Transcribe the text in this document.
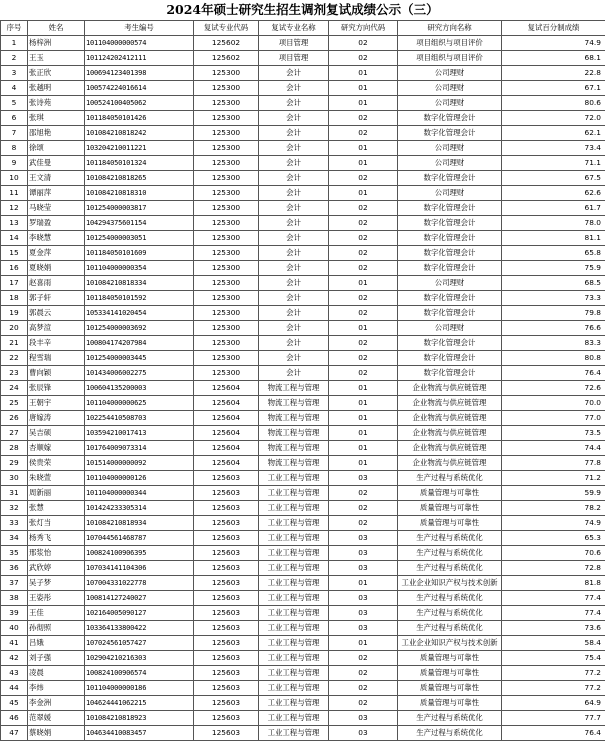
2024年硕士研究生招生调剂复试成绩公示（三）
序号	姓名	考生编号	复试专业代码	复试专业名称	研究方向代码	研究方向名称	复试百分制成绩
1	杨梓洲	101104000000574	125602	项目管理	02	项目组织与项目评价	74.9
2	王玉	101124202412111	125602	项目管理	02	项目组织与项目评价	68.1
3	张正欣	100694123401398	125300	会计	01	公司理财	22.8
4	张越明	100574224016614	125300	会计	01	公司理财	67.1
5	张诗苑	100524100405062	125300	会计	01	公司理财	80.6
6	张琪	101184050101426	125300	会计	02	数字化管理会计	72.0
7	邵旭艳	101084210818242	125300	会计	02	数字化管理会计	62.1
8	徐颂	103204210011221	125300	会计	01	公司理财	73.4
9	武佳曼	101184050101324	125300	会计	01	公司理财	71.1
10	王文清	101084210818265	125300	会计	02	数字化管理会计	67.5
11	谭丽萍	101084210818310	125300	会计	01	公司理财	62.6
12	马晓莹	101254000003817	125300	会计	02	数字化管理会计	61.7
13	罗瑞盈	104294375601154	125300	会计	02	数字化管理会计	78.0
14	李晓慧	101254000003051	125300	会计	02	数字化管理会计	81.1
15	夏金萍	101184050101609	125300	会计	02	数字化管理会计	65.8
16	夏晓娟	101104000000354	125300	会计	02	数字化管理会计	75.9
17	赵喜雨	101084210818334	125300	会计	01	公司理财	68.5
18	郭子轩	101184050101592	125300	会计	02	数字化管理会计	73.3
19	郭晨云	105334141020454	125300	会计	02	数字化管理会计	79.8
20	高梦渲	101254000003692	125300	会计	01	公司理财	76.6
21	段丰辛	100804174207984	125300	会计	02	数字化管理会计	83.3
22	程雪瑞	101254000003445	125300	会计	02	数字化管理会计	80.8
23	曹向颖	101434006002275	125300	会计	02	数字化管理会计	76.4
24	张辰锋	100604135200003	125604	物流工程与管理	01	企业物流与供应链管理	72.6
25	王朝宇	101104000000625	125604	物流工程与管理	01	企业物流与供应链管理	70.0
26	唐嫁涛	102254410508703	125604	物流工程与管理	01	企业物流与供应链管理	77.0
27	吴吉硕	103594210017413	125604	物流工程与管理	01	企业物流与供应链管理	73.5
28	杏顺嫁	101764009073314	125604	物流工程与管理	01	企业物流与供应链管理	74.4
29	侯贵荣	101514000000092	125604	物流工程与管理	01	企业物流与供应链管理	77.8
30	朱晓萱	101104000000126	125603	工业工程与管理	03	生产过程与系统优化	71.2
31	周新丽	101104000000344	125603	工业工程与管理	02	质量管理与可靠性	59.9
32	张慧	101424233305314	125603	工业工程与管理	02	质量管理与可靠性	78.2
33	张灯当	101084210818934	125603	工业工程与管理	02	质量管理与可靠性	74.9
34	杨秀飞	107044561468787	125603	工业工程与管理	03	生产过程与系统优化	65.3
35	邢浆怡	100824100906395	125603	工业工程与管理	03	生产过程与系统优化	70.6
36	武欣婷	107034141104306	125603	工业工程与管理	03	生产过程与系统优化	72.8
37	吴子梦	107004331022778	125603	工业工程与管理	01	工业企业知识产权与技术创新	81.8
38	王姿彤	100814127240027	125603	工业工程与管理	03	生产过程与系统优化	77.4
39	王佳	102164005090127	125603	工业工程与管理	03	生产过程与系统优化	77.4
40	孙彻照	103364133800422	125603	工业工程与管理	03	生产过程与系统优化	73.6
41	吕娥	107024561057427	125603	工业工程与管理	01	工业企业知识产权与技术创新	58.4
42	刘子强	102904210216303	125603	工业工程与管理	02	质量管理与可靠性	75.4
43	凌晨	100824100906574	125603	工业工程与管理	02	质量管理与可靠性	77.2
44	李炜	101104000000186	125603	工业工程与管理	02	质量管理与可靠性	77.2
45	李金洲	104624441062215	125603	工业工程与管理	02	质量管理与可靠性	64.9
46	范翠媛	101084210818923	125603	工业工程与管理	03	生产过程与系统优化	77.7
47	蔡晓娟	104634410083457	125603	工业工程与管理	03	生产过程与系统优化	76.4
